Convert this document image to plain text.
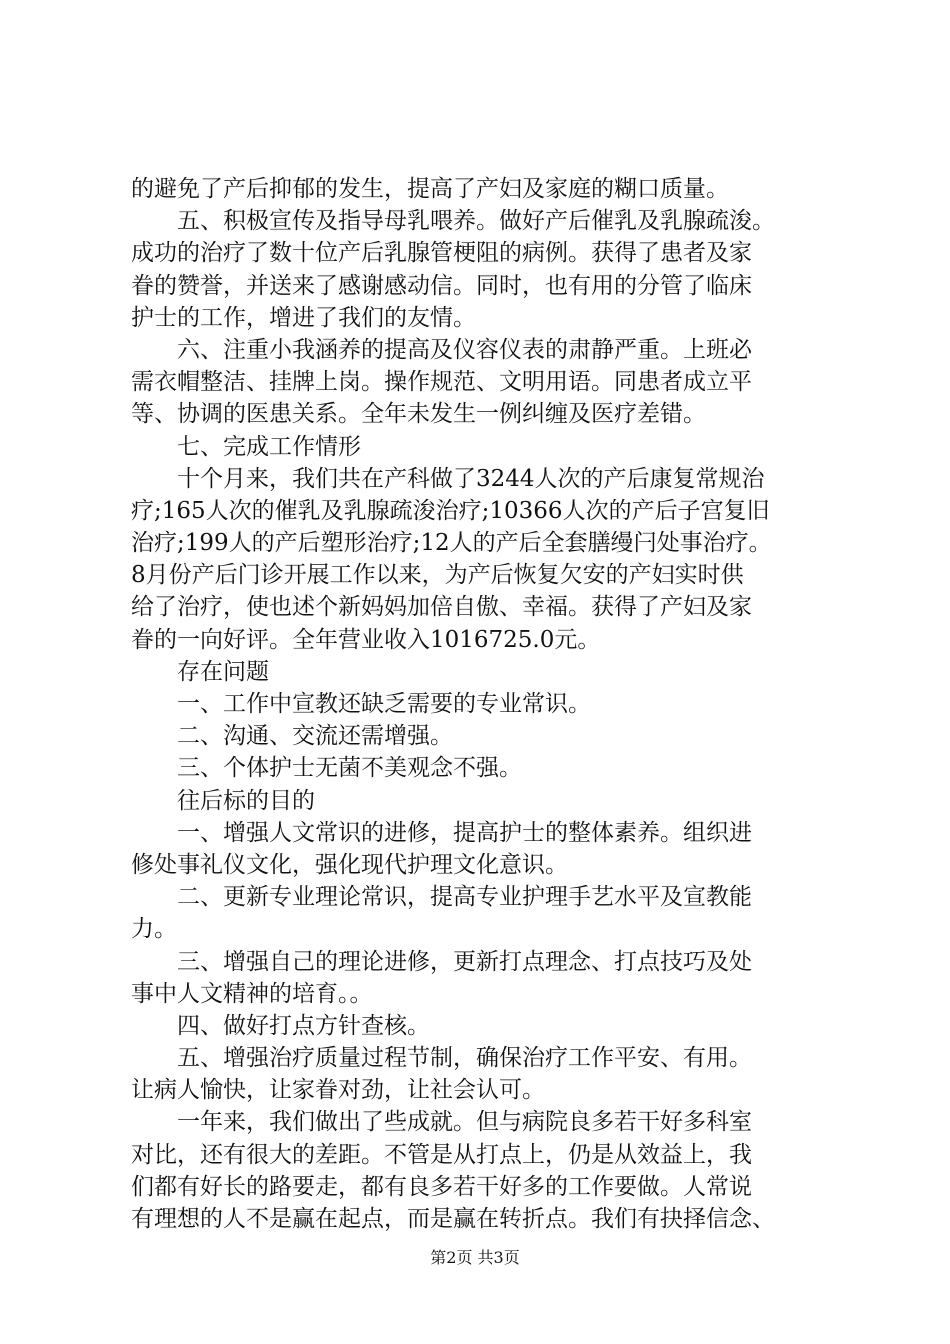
的避免了产后抑郁的发生，提高了产妇及家庭的糊口质量。
　　五、积极宣传及指导母乳喂养。做好产后催乳及乳腺疏浚。
成功的治疗了数十位产后乳腺管梗阻的病例。获得了患者及家
眷的赞誉，并送来了感谢感动信。同时，也有用的分管了临床
护士的工作，增进了我们的友情。
　　六、注重小我涵养的提高及仪容仪表的肃静严重。上班必
需衣帽整洁、挂牌上岗。操作规范、文明用语。同患者成立平
等、协调的医患关系。全年未发生一例纠缠及医疗差错。
　　七、完成工作情形
　　十个月来，我们共在产科做了3244人次的产后康复常规治
疗;165人次的催乳及乳腺疏浚治疗;10366人次的产后子宫复旧
治疗;199人的产后塑形治疗;12人的产后全套膳缦闩处事治疗。
8月份产后门诊开展工作以来，为产后恢复欠安的产妇实时供
给了治疗，使也述个新妈妈加倍自傲、幸福。获得了产妇及家
眷的一向好评。全年营业收入1016725.0元。
　　存在问题
　　一、工作中宣教还缺乏需要的专业常识。
　　二、沟通、交流还需增强。
　　三、个体护士无菌不美观念不强。
　　往后标的目的
　　一、增强人文常识的进修，提高护士的整体素养。组织进
修处事礼仪文化，强化现代护理文化意识。
　　二、更新专业理论常识，提高专业护理手艺水平及宣教能
力。
　　三、增强自己的理论进修，更新打点理念、打点技巧及处
事中人文精神的培育。。
　　四、做好打点方针查核。
　　五、增强治疗质量过程节制，确保治疗工作平安、有用。
让病人愉快，让家眷对劲，让社会认可。
　　一年来，我们做出了些成就。但与病院良多若干好多科室
对比，还有很大的差距。不管是从打点上，仍是从效益上，我
们都有好长的路要走，都有良多若干好多的工作要做。人常说
有理想的人不是赢在起点，而是赢在转折点。我们有抉择信念、
第2页 共3页
